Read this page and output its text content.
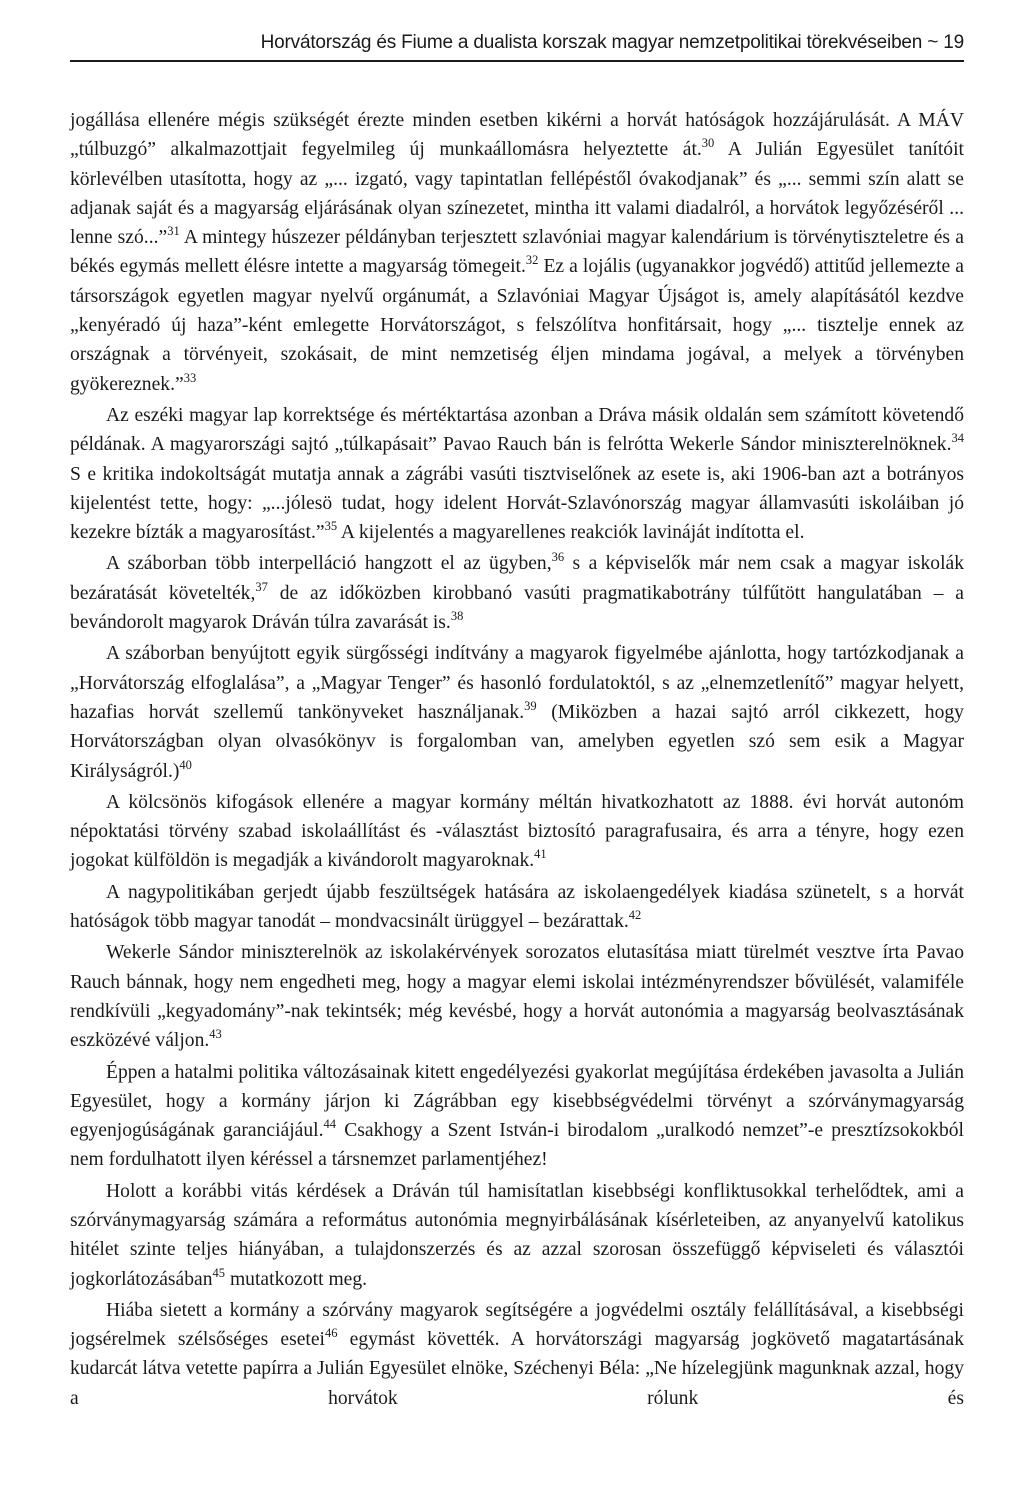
Horvátország és Fiume a dualista korszak magyar nemzetpolitikai törekvéseiben ~ 19

jogállása ellenére mégis szükségét érezte minden esetben kikérni a horvát hatóságok hozzájárulását. A MÁV „túlbuzgó” alkalmazottjait fegyelmileg új munkaállomásra helyeztette át.$^{30}$ A Julián Egyesület tanítóit körlevélben utasította, hogy az „... izgató, vagy tapintatlan fellépéstől óvakodjanak” és „... semmi szín alatt se adjanak saját és a magyarság eljárásának olyan színezetet, mintha itt valami diadalról, a horvátok legyőzéséről ... lenne szó...”$^{31}$ A mintegy húszezer példányban terjesztett szlavóniai magyar kalendárium is törvénytiszteletre és a békés egymás mellett élésre intette a magyarság tömegeit.$^{32}$ Ez a lojális (ugyanakkor jogvédő) attitűd jellemezte a társországok egyetlen magyar nyelvű orgánumát, a Szlavóniai Magyar Újságot is, amely alapításától kezdve „kenyéradó új haza”-ként emlegette Horvátországot, s felszólítva honfitársait, hogy „... tisztelje ennek az országnak a törvényeit, szokásait, de mint nemzetiség éljen mindama jogával, a melyek a törvényben gyökereznek.”$^{33}$

Az eszéki magyar lap korrektsége és mértéktartása azonban a Dráva másik oldalán sem számított követendő példának. A magyarországi sajtó „túlkapásait” Pavao Rauch bán is felrótta Wekerle Sándor miniszterelnöknek.$^{34}$ S e kritika indokoltságát mutatja annak a zágrábi vasúti tisztviselőnek az esete is, aki 1906-ban azt a botrányos kijelentést tette, hogy: „...jólesö tudat, hogy idelent Horvát-Szlavónország magyar államvasúti iskoláiban jó kezekre bízták a magyarosítást.”$^{35}$ A kijelentés a magyarellenes reakciók lavináját indította el.

A száborban több interpelláció hangzott el az ügyben,$^{36}$ s a képviselők már nem csak a magyar iskolák bezáratását követelték,$^{37}$ de az időközben kirobbanó vasúti pragmatikabotrány túlfűtött hangulatában – a bevándorolt magyarok Dráván túlra zavarását is.$^{38}$

A száborban benyújtott egyik sürgősségi indítvány a magyarok figyelmébe ajánlotta, hogy tartózkodjanak a „Horvátország elfoglalása”, a „Magyar Tenger” és hasonló fordulatoktól, s az „elnemzetlenítő” magyar helyett, hazafias horvát szellemű tankönyveket használjanak.$^{39}$ (Miközben a hazai sajtó arról cikkezett, hogy Horvátországban olyan olvasókönyv is forgalomban van, amelyben egyetlen szó sem esik a Magyar Királyságról.)$^{40}$

A kölcsönös kifogások ellenére a magyar kormány méltán hivatkozhatott az 1888. évi horvát autonóm népoktatási törvény szabad iskolaállítást és -választást biztosító paragrafusaira, és arra a tényre, hogy ezen jogokat külföldön is megadják a kivándorolt magyaroknak.$^{41}$

A nagypolitikában gerjedt újabb feszültségek hatására az iskolaengedélyek kiadása szünetelt, s a horvát hatóságok több magyar tanodát – mondvacsinált ürüggyel – bezárattak.$^{42}$

Wekerle Sándor miniszterelnök az iskolakérvények sorozatos elutasítása miatt türelmét vesztve írta Pavao Rauch bánnak, hogy nem engedheti meg, hogy a magyar elemi iskolai intézményrendszer bővülését, valamiféle rendkívüli „kegyadomány”-nak tekintsék; még kevésbé, hogy a horvát autonómia a magyarság beolvasztásának eszközévé váljon.$^{43}$

Éppen a hatalmi politika változásainak kitett engedélyezési gyakorlat megújítása érdekében javasolta a Julián Egyesület, hogy a kormány járjon ki Zágrábban egy kisebbségvédelmi törvényt a szórványmagyarság egyenjogúságának garanciájául.$^{44}$ Csakhogy a Szent István-i birodalom „uralkodó nemzet”-e presztízsokokból nem fordulhatott ilyen kéréssel a társnemzet parlamentjéhez!

Holott a korábbi vitás kérdések a Dráván túl hamisítatlan kisebbségi konfliktusokkal terhelődtek, ami a szórványmagyarság számára a református autonómia megnyirbálásának kísérleteiben, az anyanyelvű katolikus hitélet szinte teljes hiányában, a tulajdonszerzés és az azzal szorosan összefüggő képviseleti és választói jogkorlátozásában$^{45}$ mutatkozott meg.

Hiába sietett a kormány a szórvány magyarok segítségére a jogvédelmi osztály felállításával, a kisebbségi jogsérelmek szélsőséges esetei$^{46}$ egymást követték. A horvátországi magyarság jogkövető magatartásának kudarcát látva vetette papírra a Julián Egyesület elnöke, Széchenyi Béla: „Ne hízelegjünk magunknak azzal, hogy a horvátok rólunk és
